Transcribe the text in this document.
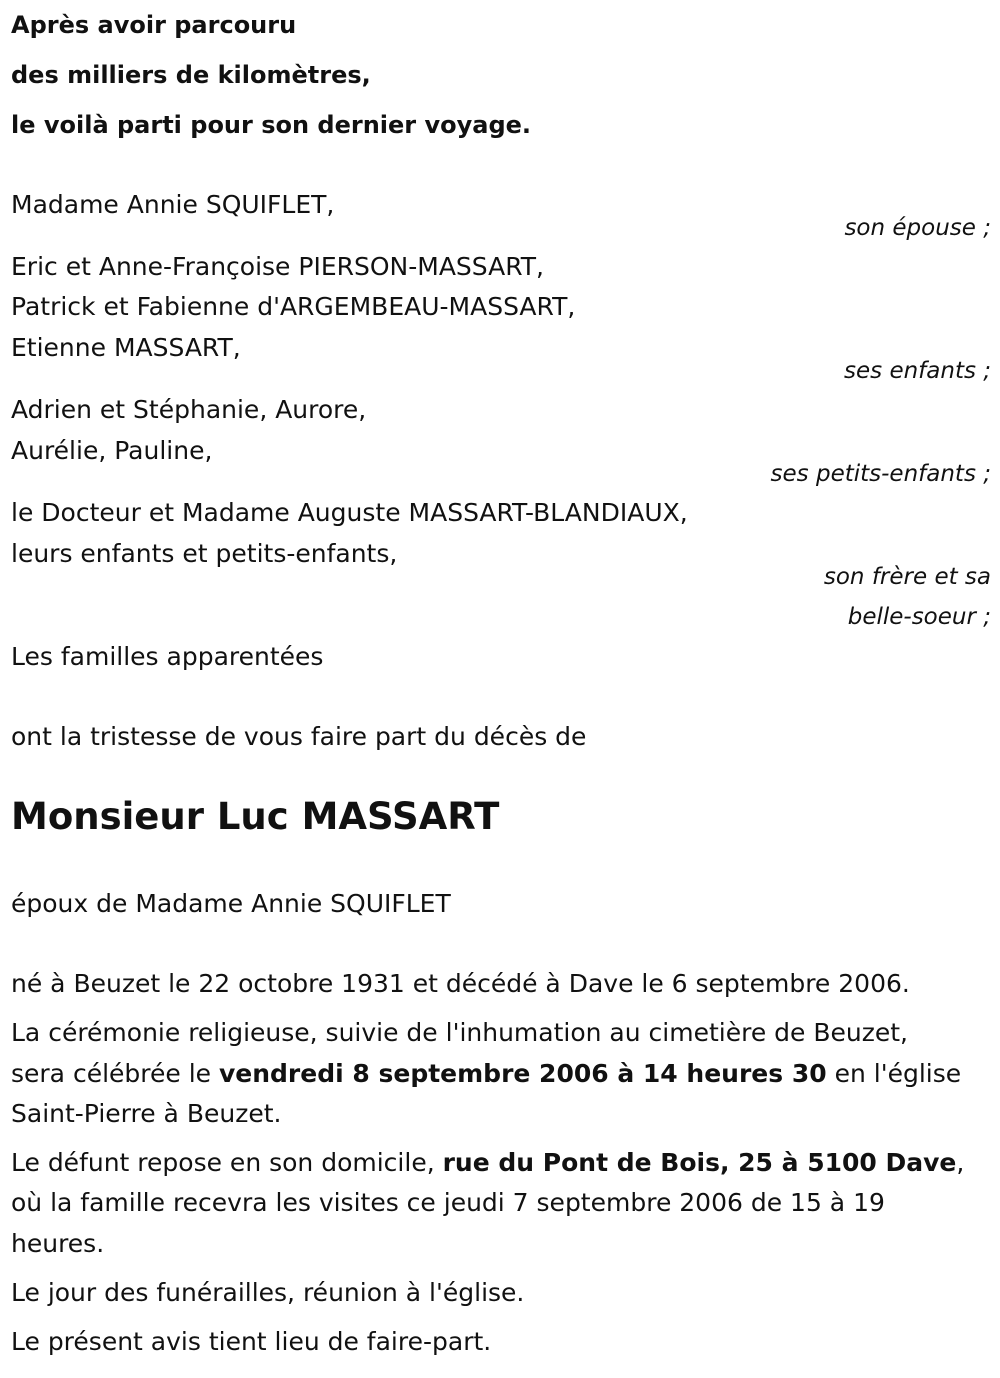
Après avoir parcouru
des milliers de kilomètres,
le voilà parti pour son dernier voyage.
Madame Annie SQUIFLET,
son épouse ;
Eric et Anne-Françoise PIERSON-MASSART,
Patrick et Fabienne d'ARGEMBEAU-MASSART,
Etienne MASSART,
ses enfants ;
Adrien et Stéphanie, Aurore,
Aurélie, Pauline,
ses petits-enfants ;
le Docteur et Madame Auguste MASSART-BLANDIAUX,
leurs enfants et petits-enfants,
son frère et sa
belle-soeur ;
Les familles apparentées
ont la tristesse de vous faire part du décès de
Monsieur Luc MASSART
époux de Madame Annie SQUIFLET
né à Beuzet le 22 octobre 1931 et décédé à Dave le 6 septembre 2006.
La cérémonie religieuse, suivie de l'inhumation au cimetière de Beuzet,
sera célébrée le vendredi 8 septembre 2006 à 14 heures 30 en l'église
Saint-Pierre à Beuzet.
Le défunt repose en son domicile, rue du Pont de Bois, 25 à 5100 Dave,
où la famille recevra les visites ce jeudi 7 septembre 2006 de 15 à 19
heures.
Le jour des funérailles, réunion à l'église.
Le présent avis tient lieu de faire-part.
